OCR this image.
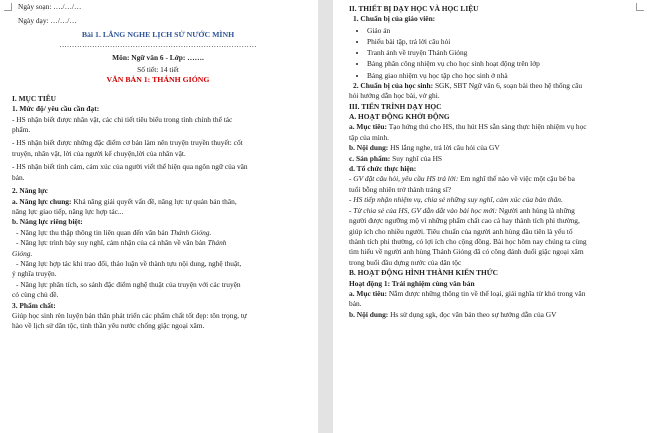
Ngày soạn: …./…/…
Ngày dạy: …/…/…
Bài 1. LẮNG NGHE LỊCH SỬ NƯỚC MÌNH
……………………………………………………………………
Môn: Ngữ văn 6 - Lớp: …….
Số tiết: 14 tiết
VĂN BẢN 1: THÁNH GIÓNG
I. MỤC TIÊU
1. Mức độ/ yêu cầu cần đạt:
- HS nhận biết được nhân vật, các chi tiết tiêu biểu trong tính chỉnh thể tác
phẩm.
- HS nhận biết được những đặc điểm cơ bản làm nên truyện truyền thuyết: cốt
truyện, nhân vật, lời của người kể chuyện,lời của nhân vật.
- HS nhận biết tình cảm, cảm xúc của người viết thể hiện qua ngôn ngữ của văn
bản.
2. Năng lực
a. Năng lực chung: Khả năng giải quyết vấn đề, năng lực tự quản bản thân,
năng lực giao tiếp, năng lực hợp tác...
b. Năng lực riêng biệt:
- Năng lực thu thập thông tin liên quan đến văn bản Thánh Gióng.
- Năng lực trình bày suy nghĩ, cảm nhận của cá nhân về văn bản Thánh
Gióng.
- Năng lực hợp tác khi trao đổi, thảo luận về thành tựu nội dung, nghệ thuật,
ý nghĩa truyện.
- Năng lực phân tích, so sánh đặc điểm nghệ thuật của truyện với các truyện
có cùng chủ đề.
3. Phẩm chất:
Giúp học sinh rèn luyện bản thân phát triển các phẩm chất tốt đẹp: tôn trọng, tự
hào về lịch sử dân tộc, tinh thần yêu nước chống giặc ngoại xâm.
II. THIẾT BỊ DẠY HỌC VÀ HỌC LIỆU
1. Chuẩn bị của giáo viên:
• Giáo án
• Phiếu bài tập, trả lời câu hỏi
• Tranh ảnh về truyện Thánh Gióng
• Bảng phân công nhiệm vụ cho học sinh hoạt động trên lớp
• Bảng giao nhiệm vụ học tập cho học sinh ở nhà
2. Chuẩn bị của học sinh: SGK, SBT Ngữ văn 6, soạn bài theo hệ thống câu
hỏi hướng dẫn học bài, vở ghi.
III. TIẾN TRÌNH DẠY HỌC
A. HOẠT ĐỘNG KHỞI ĐỘNG
a. Mục tiêu: Tạo hứng thú cho HS, thu hút HS sẵn sàng thực hiện nhiệm vụ học
tập của mình.
b. Nội dung: HS lắng nghe, trả lời câu hỏi của GV
c. Sản phẩm: Suy nghĩ của HS
d. Tổ chức thực hiện:
- GV đặt câu hỏi, yêu cầu HS trả lời: Em nghĩ thế nào về việc một cậu bé ba
tuổi bỗng nhiên trở thành tráng sĩ?
- HS tiếp nhận nhiệm vụ, chia sẻ những suy nghĩ, cảm xúc của bản thân.
- Từ chia sẻ của HS, GV dẫn dắt vào bài học mới: Người anh hùng là những
người được ngưỡng mộ vì những phẩm chất cao cả hay thành tích phi thường,
giúp ích cho nhiều người. Tiêu chuẩn của người anh hùng đầu tiên là yếu tố
thành tích phi thường, có lợi ích cho cộng đồng. Bài học hôm nay chúng ta cùng
tìm hiểu về người anh hùng Thánh Gióng đã có công đánh đuổi giặc ngoại xâm
trong buổi đầu dựng nước của dân tộc
B. HOẠT ĐỘNG HÌNH THÀNH KIẾN THỨC
Hoạt động 1: Trải nghiệm cùng văn bản
a. Mục tiêu: Nắm được những thông tin về thể loại, giải nghĩa từ khó trong văn
bản.
b. Nội dung: Hs sử dụng sgk, đọc văn bản theo sự hướng dẫn của GV
